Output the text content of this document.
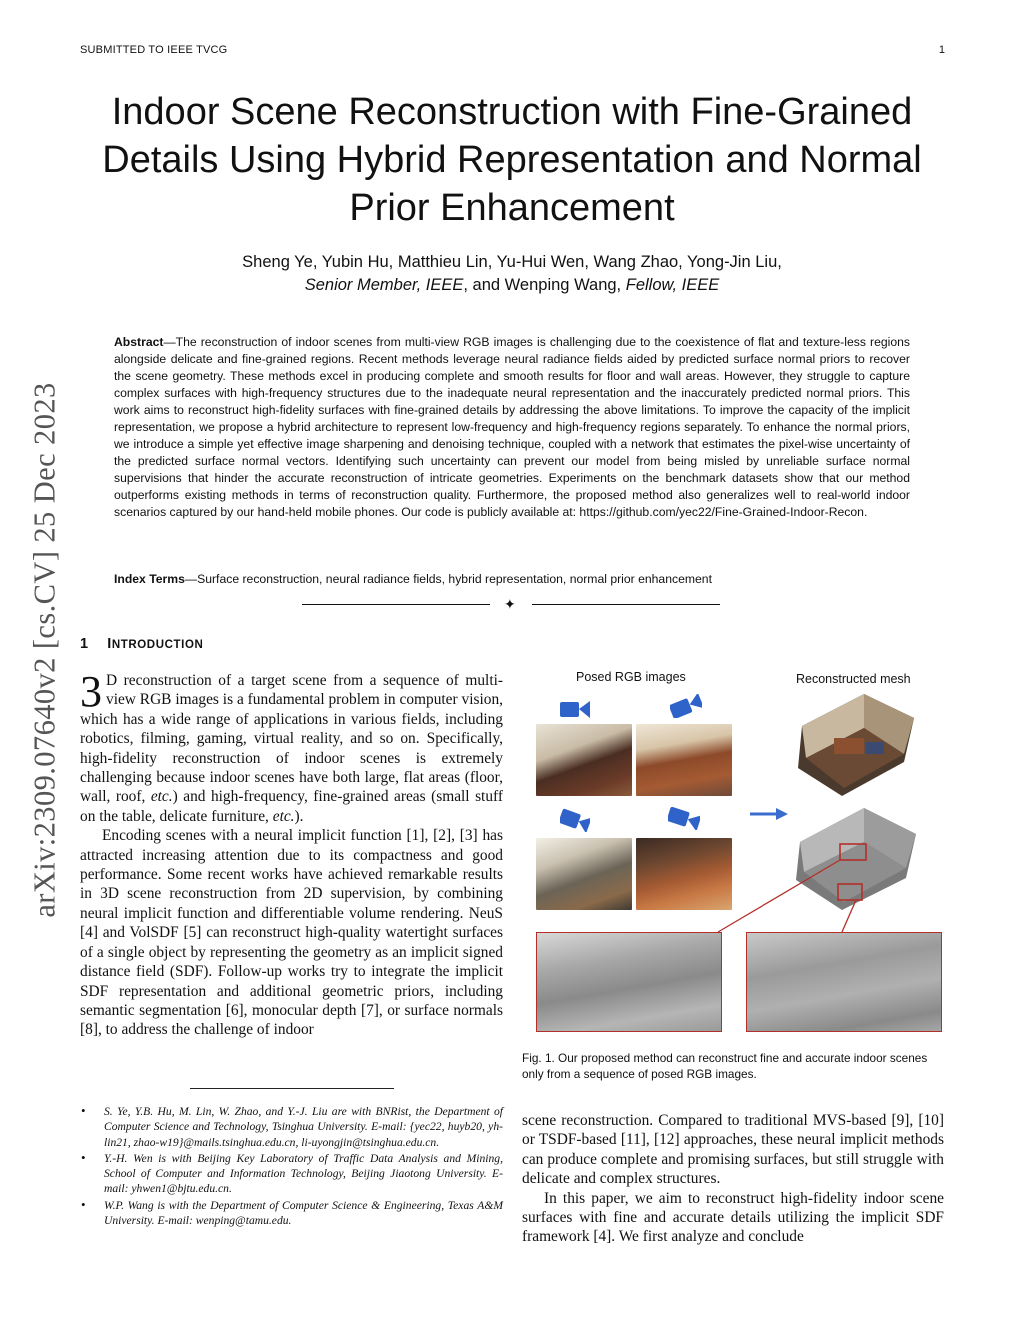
SUBMITTED TO IEEE TVCG	1
Indoor Scene Reconstruction with Fine-Grained Details Using Hybrid Representation and Normal Prior Enhancement
Sheng Ye, Yubin Hu, Matthieu Lin, Yu-Hui Wen, Wang Zhao, Yong-Jin Liu,
Senior Member, IEEE, and Wenping Wang, Fellow, IEEE
arXiv:2309.07640v2 [cs.CV] 25 Dec 2023

Abstract—The reconstruction of indoor scenes from multi-view RGB images is challenging due to the coexistence of flat and texture-less regions alongside delicate and fine-grained regions. Recent methods leverage neural radiance fields aided by predicted surface normal priors to recover the scene geometry. These methods excel in producing complete and smooth results for floor and wall areas. However, they struggle to capture complex surfaces with high-frequency structures due to the inadequate neural representation and the inaccurately predicted normal priors. This work aims to reconstruct high-fidelity surfaces with fine-grained details by addressing the above limitations. To improve the capacity of the implicit representation, we propose a hybrid architecture to represent low-frequency and high-frequency regions separately. To enhance the normal priors, we introduce a simple yet effective image sharpening and denoising technique, coupled with a network that estimates the pixel-wise uncertainty of the predicted surface normal vectors. Identifying such uncertainty can prevent our model from being misled by unreliable surface normal supervisions that hinder the accurate reconstruction of intricate geometries. Experiments on the benchmark datasets show that our method outperforms existing methods in terms of reconstruction quality. Furthermore, the proposed method also generalizes well to real-world indoor scenarios captured by our hand-held mobile phones. Our code is publicly available at: https://github.com/yec22/Fine-Grained-Indoor-Recon.

Index Terms—Surface reconstruction, neural radiance fields, hybrid representation, normal prior enhancement
✦
1 INTRODUCTION

3 D reconstruction of a target scene from a sequence of multi-view RGB images is a fundamental problem in computer vision, which has a wide range of applications in various fields, including robotics, filming, gaming, virtual reality, and so on. Specifically, high-fidelity reconstruction of indoor scenes is extremely challenging because indoor scenes have both large, flat areas (floor, wall, roof, etc.) and high-frequency, fine-grained areas (small stuff on the table, delicate furniture, etc.).

Encoding scenes with a neural implicit function [1], [2], [3] has attracted increasing attention due to its compactness and good performance. Some recent works have achieved remarkable results in 3D scene reconstruction from 2D supervision, by combining neural implicit function and differentiable volume rendering. NeuS [4] and VolSDF [5] can reconstruct high-quality watertight surfaces of a single object by representing the geometry as an implicit signed distance field (SDF). Follow-up works try to integrate the implicit SDF representation and additional geometric priors, including semantic segmentation [6], monocular depth [7], or surface normals [8], to address the challenge of indoor

• S. Ye, Y.B. Hu, M. Lin, W. Zhao, and Y.-J. Liu are with BNRist, the Department of Computer Science and Technology, Tsinghua University. E-mail: {yec22, huyb20, yh-lin21, zhao-w19}@mails.tsinghua.edu.cn, li-uyongjin@tsinghua.edu.cn.
• Y.-H. Wen is with Beijing Key Laboratory of Traffic Data Analysis and Mining, School of Computer and Information Technology, Beijing Jiaotong University. E-mail: yhwen1@bjtu.edu.cn.
• W.P. Wang is with the Department of Computer Science & Engineering, Texas A&M University. E-mail: wenping@tamu.edu.
Posed RGB images	Reconstructed mesh
Fig. 1. Our proposed method can reconstruct fine and accurate indoor scenes only from a sequence of posed RGB images.

scene reconstruction. Compared to traditional MVS-based [9], [10] or TSDF-based [11], [12] approaches, these neural implicit methods can produce complete and promising surfaces, but still struggle with delicate and complex structures.

In this paper, we aim to reconstruct high-fidelity indoor scene surfaces with fine and accurate details utilizing the implicit SDF framework [4]. We first analyze and conclude
